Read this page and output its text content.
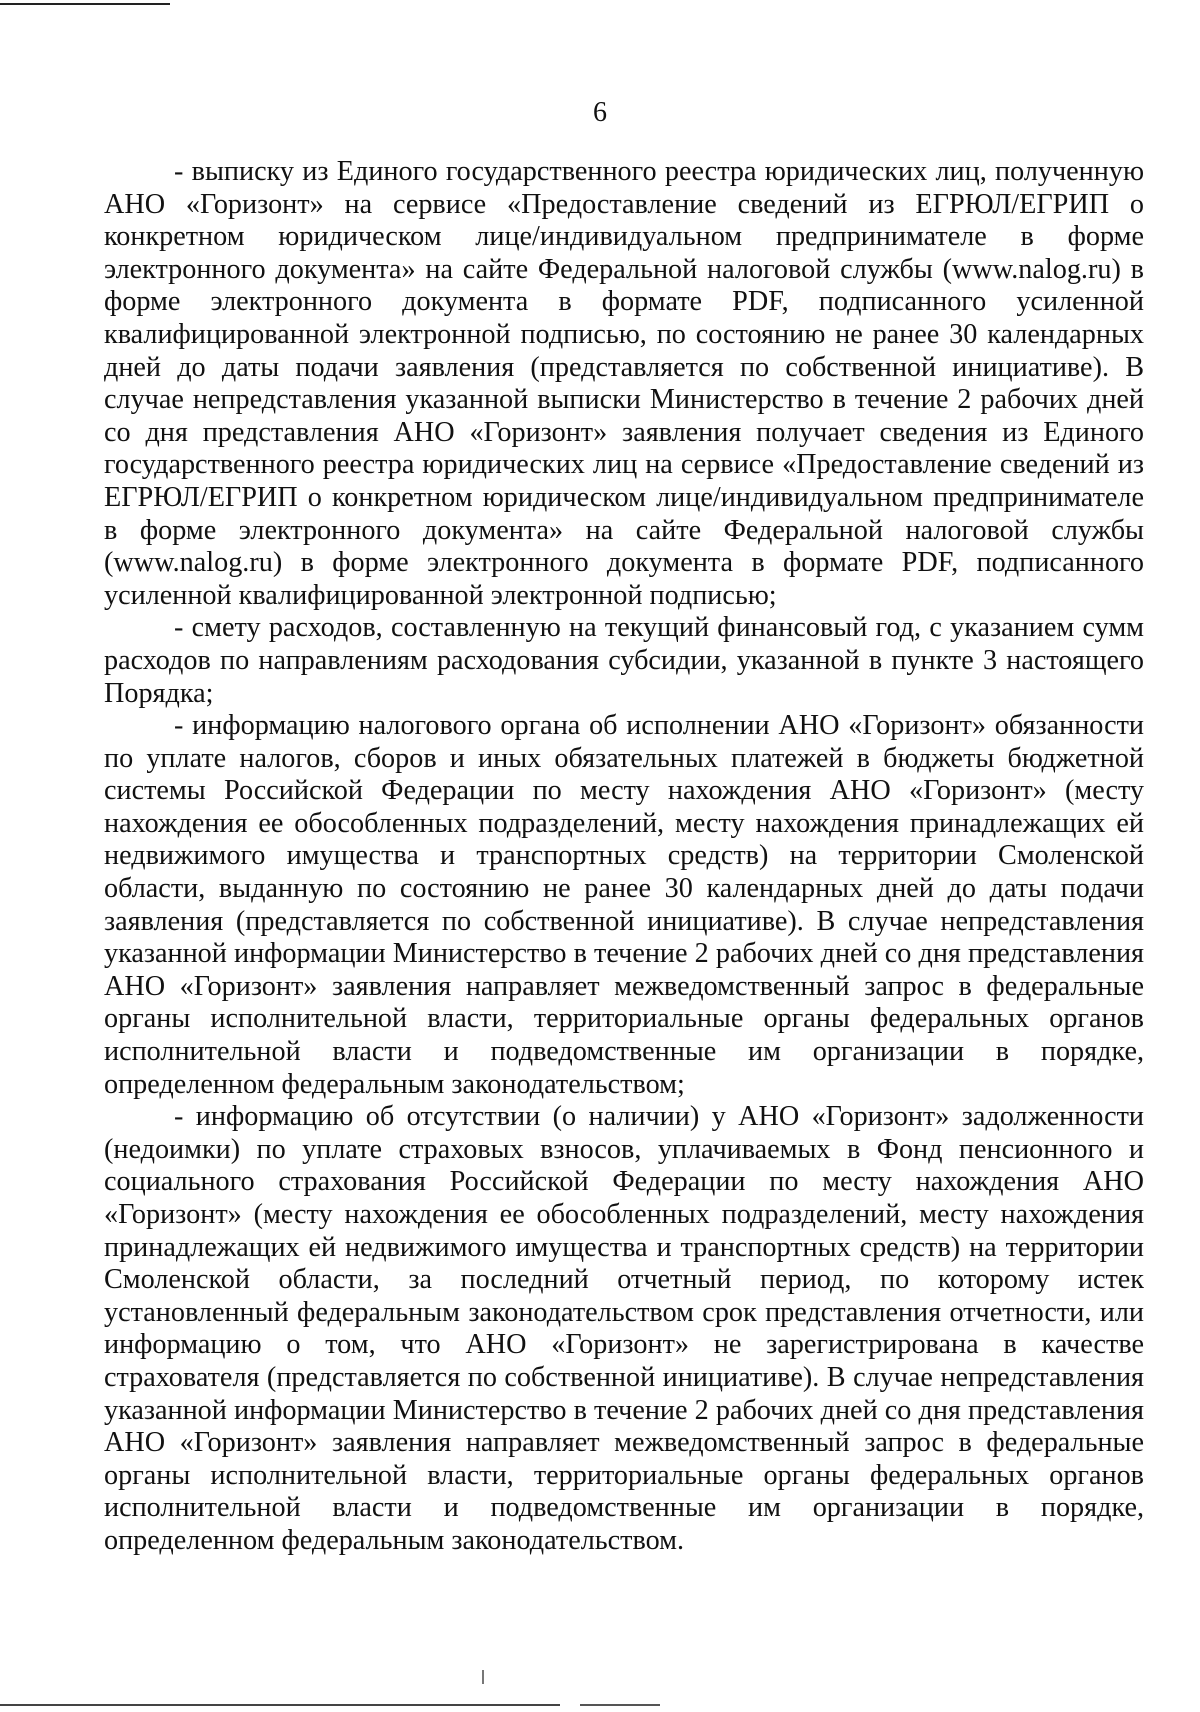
6

- выписку из Единого государственного реестра юридических лиц, полученную АНО «Горизонт» на сервисе «Предоставление сведений из ЕГРЮЛ/ЕГРИП о конкретном юридическом лице/индивидуальном предпринимателе в форме электронного документа» на сайте Федеральной налоговой службы (www.nalog.ru) в форме электронного документа в формате PDF, подписанного усиленной квалифицированной электронной подписью, по состоянию не ранее 30 календарных дней до даты подачи заявления (представляется по собственной инициативе). В случае непредставления указанной выписки Министерство в течение 2 рабочих дней со дня представления АНО «Горизонт» заявления получает сведения из Единого государственного реестра юридических лиц на сервисе «Предоставление сведений из ЕГРЮЛ/ЕГРИП о конкретном юридическом лице/индивидуальном предпринимателе в форме электронного документа» на сайте Федеральной налоговой службы (www.nalog.ru) в форме электронного документа в формате PDF, подписанного усиленной квалифицированной электронной подписью;

- смету расходов, составленную на текущий финансовый год, с указанием сумм расходов по направлениям расходования субсидии, указанной в пункте 3 настоящего Порядка;

- информацию налогового органа об исполнении АНО «Горизонт» обязанности по уплате налогов, сборов и иных обязательных платежей в бюджеты бюджетной системы Российской Федерации по месту нахождения АНО «Горизонт» (месту нахождения ее обособленных подразделений, месту нахождения принадлежащих ей недвижимого имущества и транспортных средств) на территории Смоленской области, выданную по состоянию не ранее 30 календарных дней до даты подачи заявления (представляется по собственной инициативе). В случае непредставления указанной информации Министерство в течение 2 рабочих дней со дня представления АНО «Горизонт» заявления направляет межведомственный запрос в федеральные органы исполнительной власти, территориальные органы федеральных органов исполнительной власти и подведомственные им организации в порядке, определенном федеральным законодательством;

- информацию об отсутствии (о наличии) у АНО «Горизонт» задолженности (недоимки) по уплате страховых взносов, уплачиваемых в Фонд пенсионного и социального страхования Российской Федерации по месту нахождения АНО «Горизонт» (месту нахождения ее обособленных подразделений, месту нахождения принадлежащих ей недвижимого имущества и транспортных средств) на территории Смоленской области, за последний отчетный период, по которому истек установленный федеральным законодательством срок представления отчетности, или информацию о том, что АНО «Горизонт» не зарегистрирована в качестве страхователя (представляется по собственной инициативе). В случае непредставления указанной информации Министерство в течение 2 рабочих дней со дня представления АНО «Горизонт» заявления направляет межведомственный запрос в федеральные органы исполнительной власти, территориальные органы федеральных органов исполнительной власти и подведомственные им организации в порядке, определенном федеральным законодательством.
